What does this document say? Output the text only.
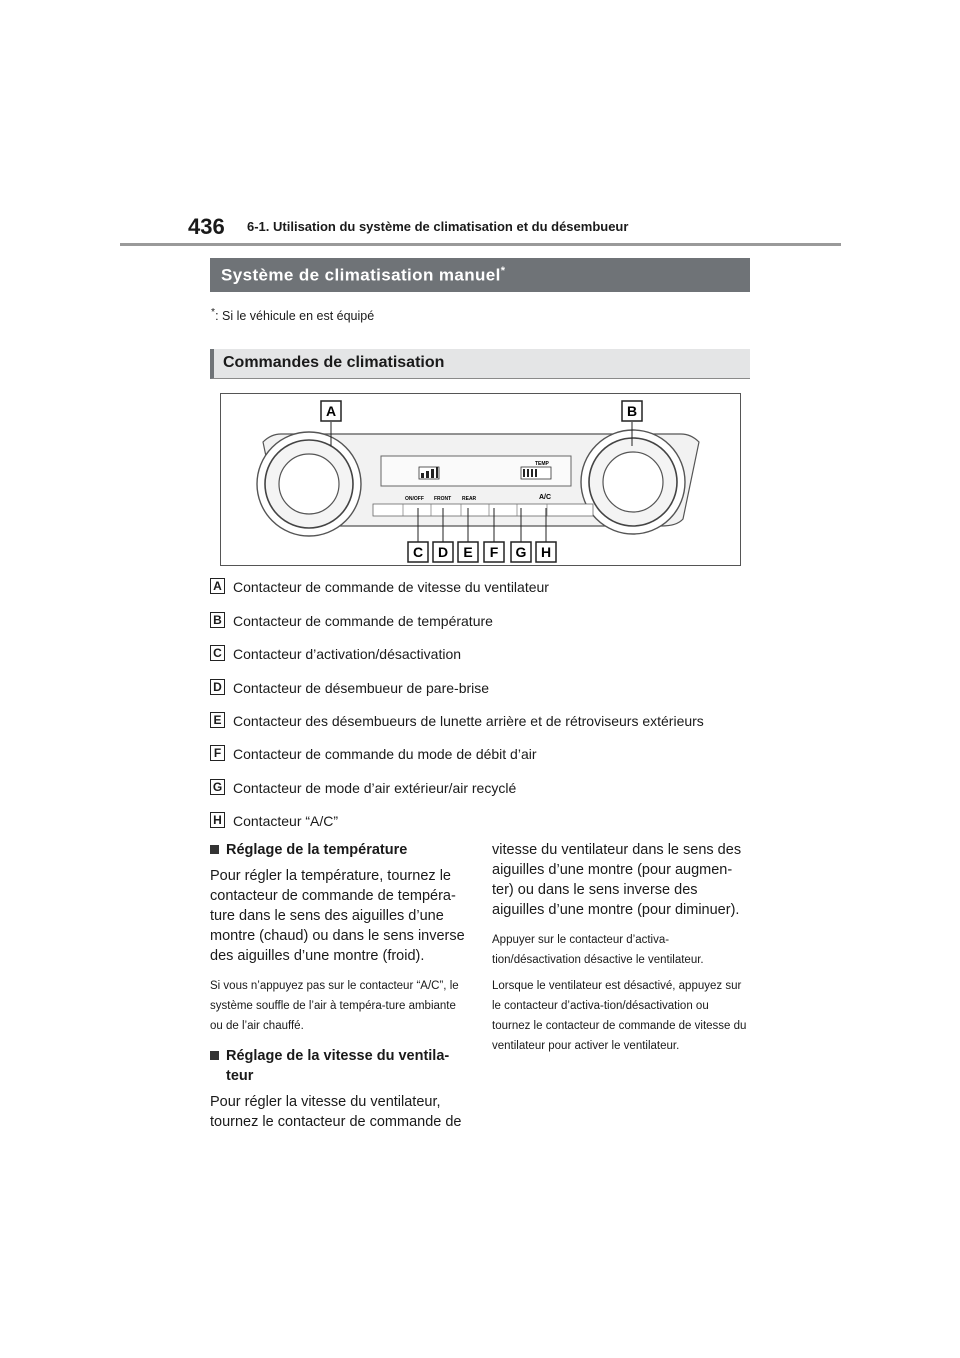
436 6-1. Utilisation du système de climatisation et du désembueur
Système de climatisation manuel*
*: Si le véhicule en est équipé
Commandes de climatisation
TEMP
ON/OFF FRONT REAR	A/C
A	B
C D E F G H
A Contacteur de commande de vitesse du ventilateur
B Contacteur de commande de température
C Contacteur d’activation/désactivation
D Contacteur de désembueur de pare-brise
E Contacteur des désembueurs de lunette arrière et de rétroviseurs extérieurs
F Contacteur de commande du mode de débit d’air
G Contacteur de mode d’air extérieur/air recyclé
H Contacteur “A/C”
Réglage de la température

Pour régler la température, tournez le contacteur de commande de tempéra-ture dans le sens des aiguilles d’une montre (chaud) ou dans le sens inverse des aiguilles d’une montre (froid).

Si vous n’appuyez pas sur le contacteur “A/C”, le système souffle de l’air à tempéra-ture ambiante ou de l’air chauffé.

Réglage de la vitesse du ventila-teur

Pour régler la vitesse du ventilateur, tournez le contacteur de commande de

vitesse du ventilateur dans le sens des aiguilles d’une montre (pour augmen-ter) ou dans le sens inverse des aiguilles d’une montre (pour diminuer).

Appuyer sur le contacteur d’activa-tion/désactivation désactive le ventilateur.

Lorsque le ventilateur est désactivé, appuyez sur le contacteur d’activa-tion/désactivation ou tournez le contacteur de commande de vitesse du ventilateur pour activer le ventilateur.
